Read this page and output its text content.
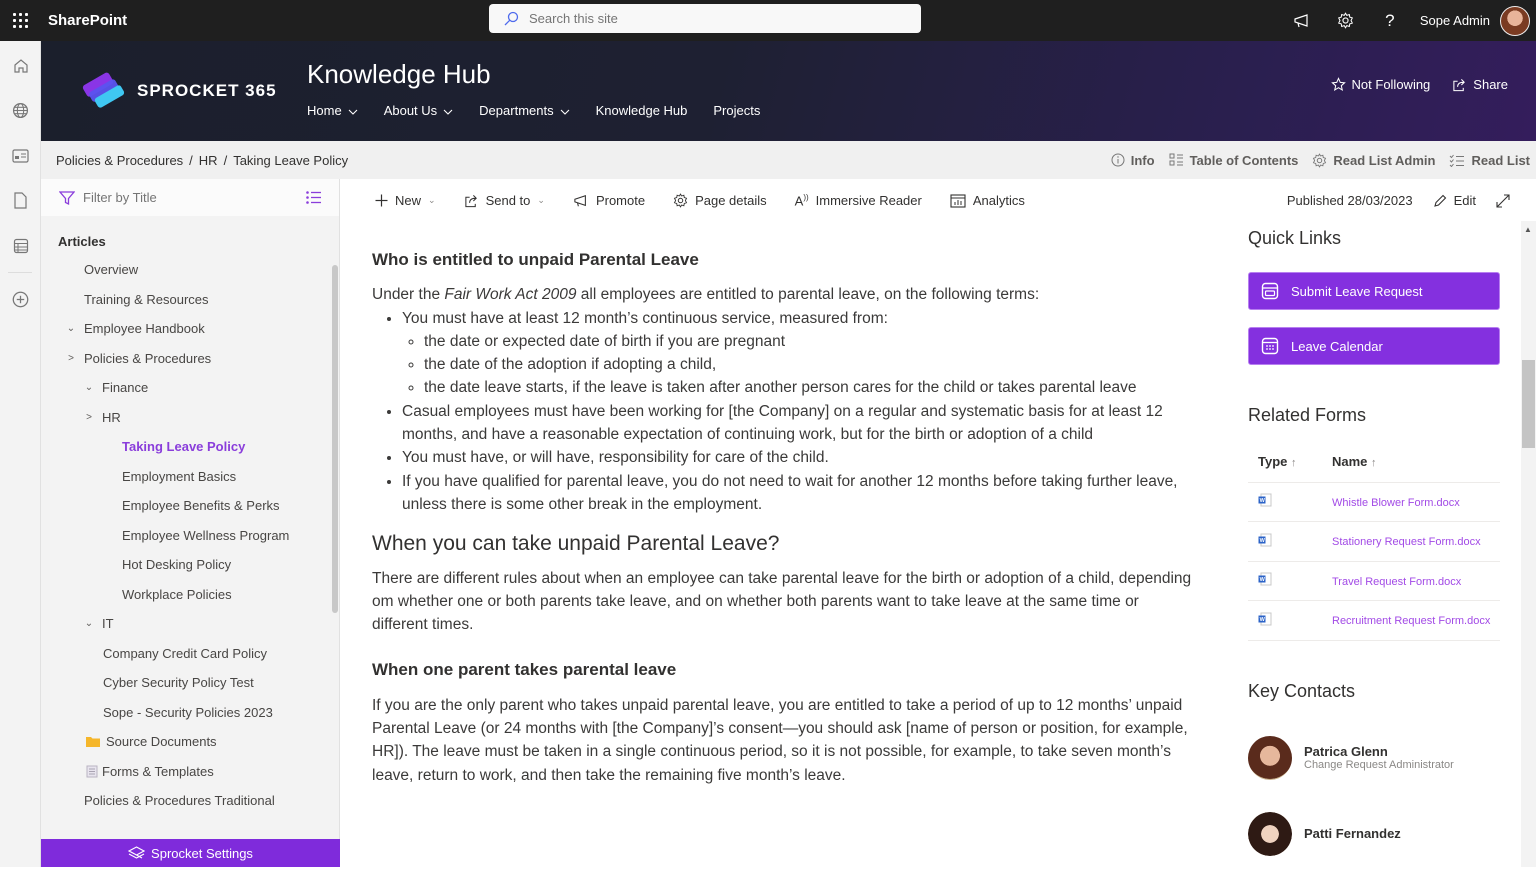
SharePoint
Search this site	?	Sope Admin
SPROCKET 365
Knowledge Hub
Home	About Us	Departments	Knowledge Hub Projects
Not Following	Share
Policies & Procedures / HR / Taking Leave Policy	Info	Table of Contents	Read List Admin	Read List
Filter by Title
Articles
Overview
Training & Resources
⌄ Employee Handbook
> Policies & Procedures
⌄ Finance
> HR
Taking Leave Policy
Employment Basics
Employee Benefits & Perks
Employee Wellness Program
Hot Desking Policy
Workplace Policies
⌄ IT
Company Credit Card Policy
Cyber Security Policy Test
Sope - Security Policies 2023
Source Documents
Forms & Templates
Policies & Procedures Traditional
Sprocket Settings
New ⌄	Send to ⌄	Promote	Page details A)) Immersive Reader	Analytics	Published 28/03/2023	Edit
Who is entitled to unpaid Parental Leave

Under the Fair Work Act 2009 all employees are entitled to parental leave, on the following terms:

• You must have at least 12 month’s continuous service, measured from:
◦ the date or expected date of birth if you are pregnant
◦ the date of the adoption if adopting a child,
◦ the date leave starts, if the leave is taken after another person cares for the child or takes parental leave
• Casual employees must have been working for [the Company] on a regular and systematic basis for at least 12 months, and have a reasonable expectation of continuing work, but for the birth or adoption of a child
• You must have, or will have, responsibility for care of the child.
• If you have qualified for parental leave, you do not need to wait for another 12 months before taking further leave, unless there is some other break in the employment.
When you can take unpaid Parental Leave?

There are different rules about when an employee can take parental leave for the birth or adoption of a child, depending om whether one or both parents take leave, and on whether both parents want to take leave at the same time or different times.

When one parent takes parental leave

If you are the only parent who takes unpaid parental leave, you are entitled to take a period of up to 12 months’ unpaid Parental Leave (or 24 months with [the Company]’s consent—you should ask [name of person or position, for example, HR]). The leave must be taken in a single continuous period, so it is not possible, for example, to take seven month’s leave, return to work, and then take the remaining five month’s leave.

Quick Links
Submit Leave Request
Leave Calendar
Related Forms
Type ↑	Name ↑

W	Whistle Blower Form.docx

W	Stationery Request Form.docx

W	Travel Request Form.docx

W	Recruitment Request Form.docx
Key Contacts
Patrica Glenn
Change Request Administrator
Patti Fernandez
▲
